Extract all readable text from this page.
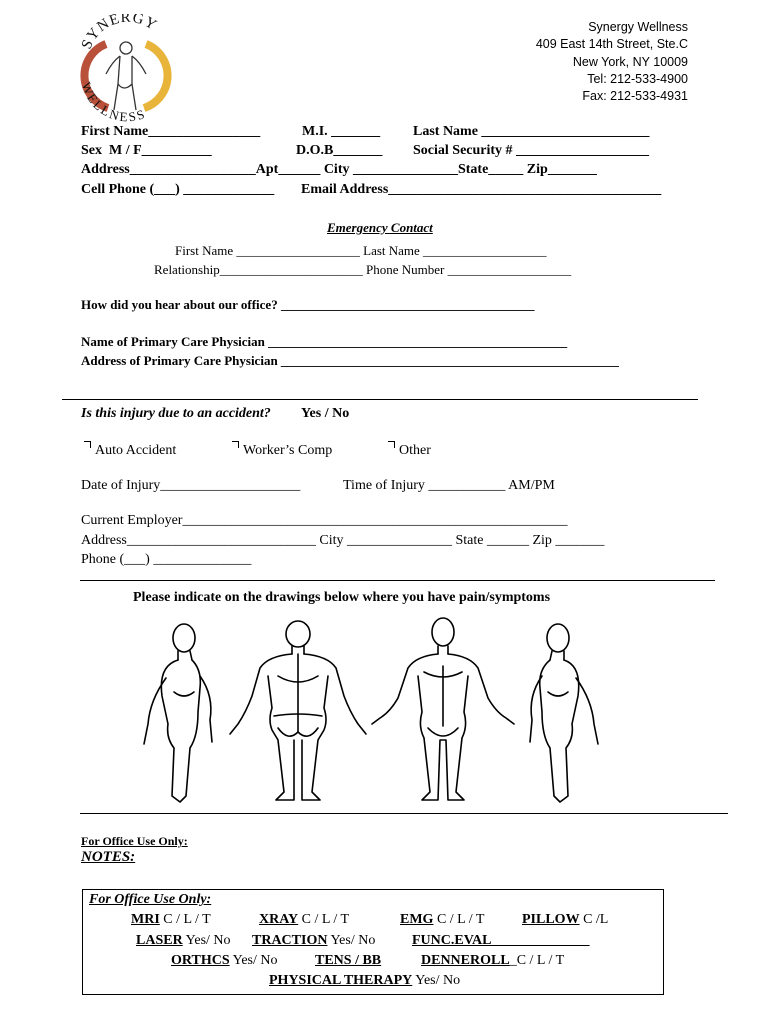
SYNERGY
WELLNESS
Synergy Wellness
409 East 14th Street, Ste.C
New York, NY 10009
Tel: 212-533-4900
Fax: 212-533-4931
First Name________________	M.I. _______ Last Name ________________________
Sex  M / F__________	D.O.B_______ Social Security # ___________________
Address__________________Apt______ City _______________State_____ Zip_______
Cell Phone (___) _____________ Email Address_______________________________________
Emergency Contact
First Name ___________________ Last Name ___________________
Relationship______________________ Phone Number ___________________
How did you hear about our office? _______________________________________
Name of Primary Care Physician ______________________________________________
Address of Primary Care Physician ____________________________________________________
Is this injury due to an accident? Yes / No
Auto Accident	Worker’s Comp	Other
Date of Injury____________________	Time of Injury ___________ AM/PM
Current Employer_______________________________________________________
Address___________________________ City _______________ State ______ Zip _______
Phone (___) ______________
Please indicate on the drawings below where you have pain/symptoms
For Office Use Only:
NOTES:
For Office Use Only:
MRI C / L / T	XRAY C / L / T	EMG C / L / T	PILLOW C /L
LASER Yes/ No TRACTION Yes/ No	FUNC.EVAL______________
ORTHCS Yes/ No	TENS / BB	DENNEROLL_C / L / T
PHYSICAL THERAPY Yes/ No
